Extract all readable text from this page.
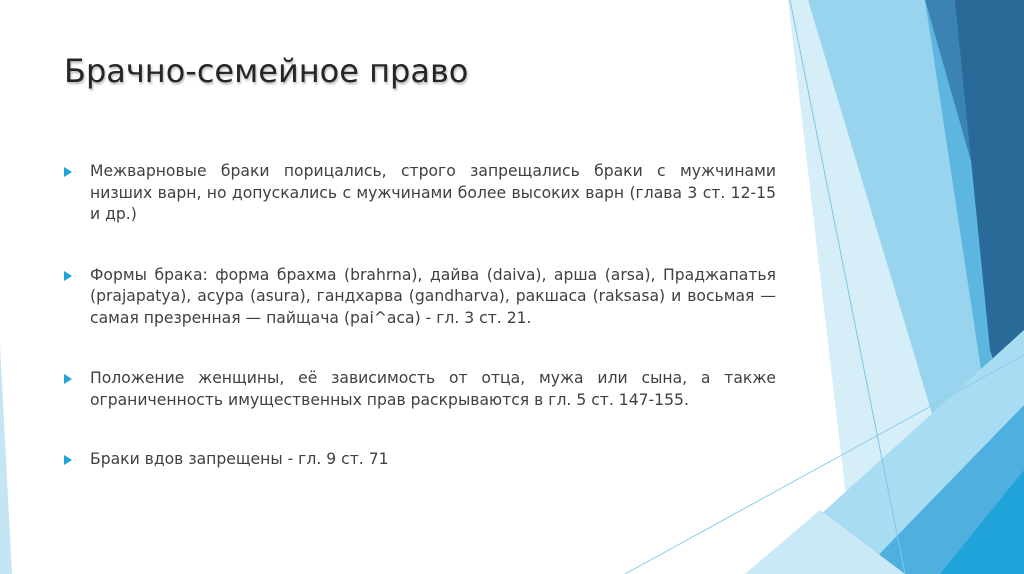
Брачно-семейное право
Межварновые браки порицались, строго запрещались браки с мужчинами низших варн, но допускались с мужчинами более высоких варн (глава 3 ст. 12-15 и др.)
Формы брака: форма брахма (brahrna), дайва (daiva), арша (arsa), Праджапатья (prajapatya), асура (asura), гандхарва (gandharva), ракшаса (raksasa) и восьмая — самая презренная — пайщача (pai^aca) - гл. 3 ст. 21.
Положение женщины, её зависимость от отца, мужа или сына, а также ограниченность имущественных прав раскрываются в гл. 5 ст. 147-155.
Браки вдов запрещены - гл. 9 ст. 71
